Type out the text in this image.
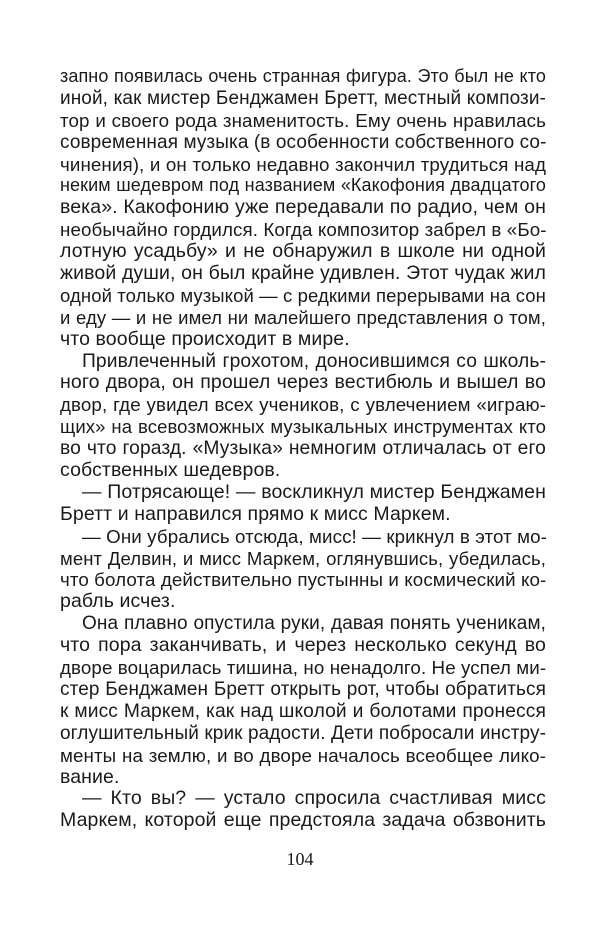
запно появилась очень странная фигура. Это был не кто
иной, как мистер Бенджамен Бретт, местный компози-
тор и своего рода знаменитость. Ему очень нравилась
современная музыка (в особенности собственного со-
чинения), и он только недавно закончил трудиться над
неким шедевром под названием «Какофония двадцатого
века». Какофонию уже передавали по радио, чем он
необычайно гордился. Когда композитор забрел в «Бо-
лотную усадьбу» и не обнаружил в школе ни одной
живой души, он был крайне удивлен. Этот чудак жил
одной только музыкой — с редкими перерывами на сон
и еду — и не имел ни малейшего представления о том,
что вообще происходит в мире.
Привлеченный грохотом, доносившимся со школь-
ного двора, он прошел через вестибюль и вышел во
двор, где увидел всех учеников, с увлечением «играю-
щих» на всевозможных музыкальных инструментах кто
во что горазд. «Музыка» немногим отличалась от его
собственных шедевров.
— Потрясающе! — воскликнул мистер Бенджамен
Бретт и направился прямо к мисс Маркем.
— Они убрались отсюда, мисс! — крикнул в этот мо-
мент Делвин, и мисс Маркем, оглянувшись, убедилась,
что болота действительно пустынны и космический ко-
рабль исчез.
Она плавно опустила руки, давая понять ученикам,
что пора заканчивать, и через несколько секунд во
дворе воцарилась тишина, но ненадолго. Не успел ми-
стер Бенджамен Бретт открыть рот, чтобы обратиться
к мисс Маркем, как над школой и болотами пронесся
оглушительный крик радости. Дети побросали инстру-
менты на землю, и во дворе началось всеобщее лико-
вание.
— Кто вы? — устало спросила счастливая мисс
Маркем, которой еще предстояла задача обзвонить
104
